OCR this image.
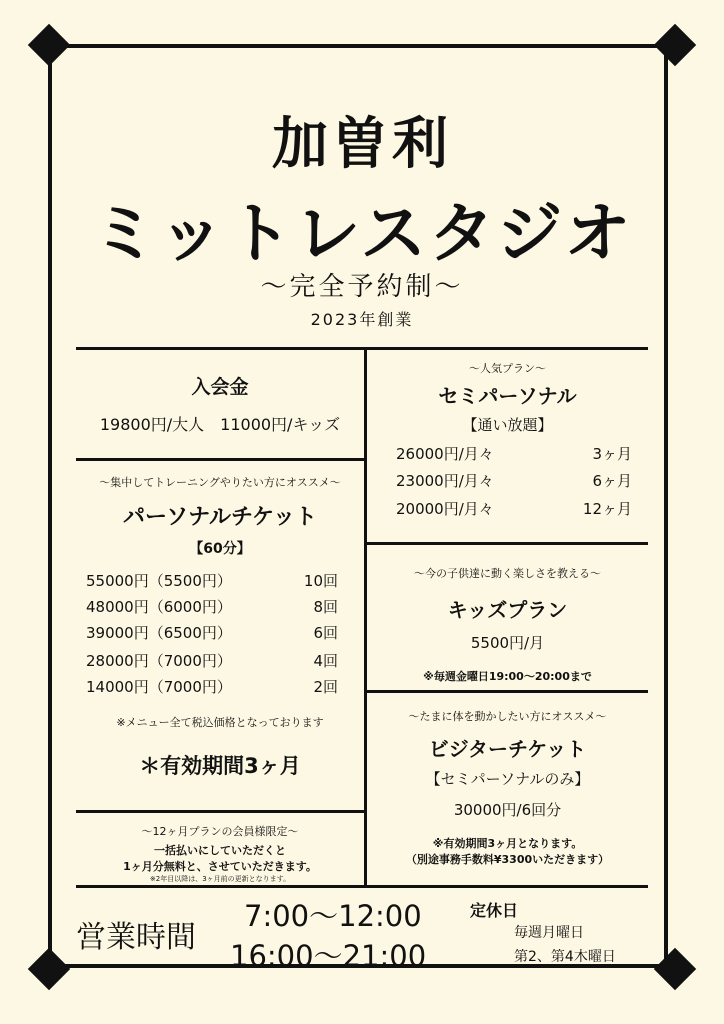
加曽利
ミットレスタジオ
〜完全予約制〜
2023年創業
入会金
19800円/大人　11000円/キッズ
〜集中してトレーニングやりたい方にオススメ〜
パーソナルチケット
【60分】
55000円（5500円）	10回
48000円（6000円）	8回
39000円（6500円）	6回
28000円（7000円）	4回
14000円（7000円）	2回
※メニュー全て税込価格となっております
＊有効期間3ヶ月
〜12ヶ月プランの会員様限定〜
一括払いにしていただくと
1ヶ月分無料と、させていただきます。
※2年目以降は、3ヶ月前の更新となります。
〜人気プラン〜
セミパーソナル
【通い放題】
26000円/月々	3ヶ月
23000円/月々	6ヶ月
20000円/月々	12ヶ月
〜今の子供達に動く楽しさを教える〜
キッズプラン
5500円/月
※毎週金曜日19:00〜20:00まで
〜たまに体を動かしたい方にオススメ〜
ビジターチケット
【セミパーソナルのみ】
30000円/6回分
※有効期間3ヶ月となります。
（別途事務手数料¥3300いただきます）
営業時間
7:00〜12:00
16:00〜21:00
定休日
毎週月曜日
第2、第4木曜日
